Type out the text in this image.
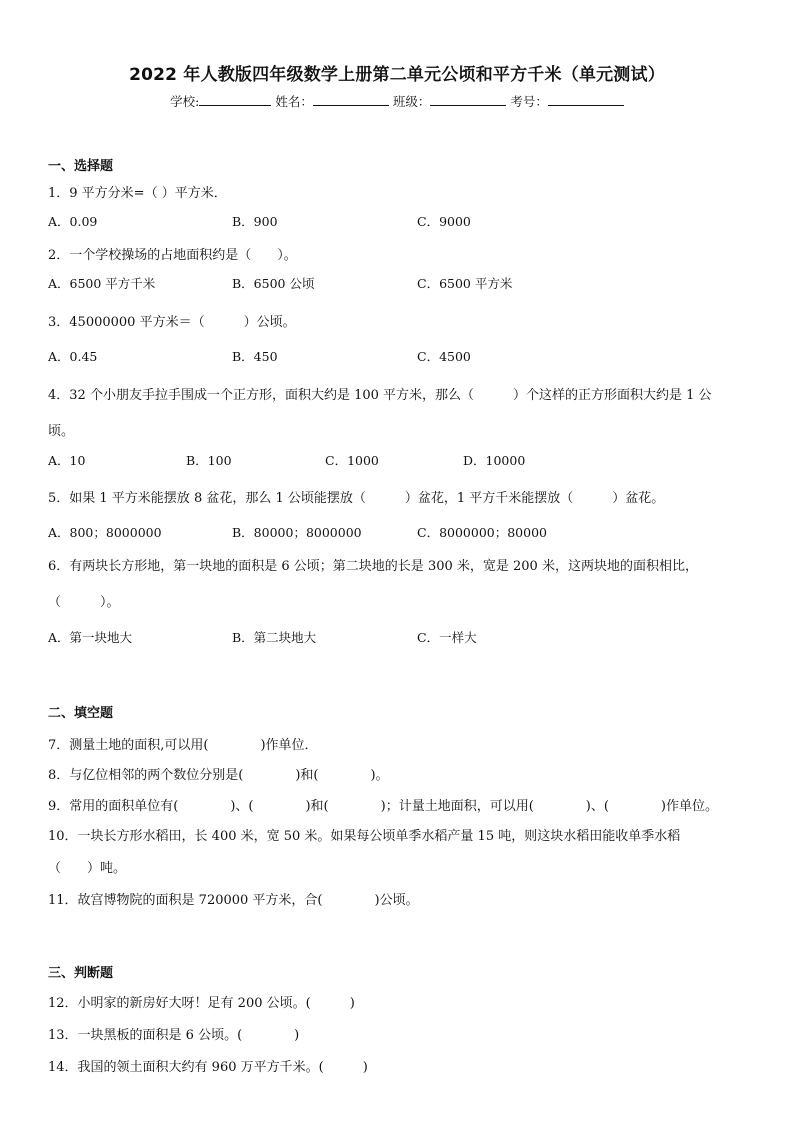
2022 年人教版四年级数学上册第二单元公顷和平方千米（单元测试）
学校:	姓名：	班级：	考号：
一、选择题
1．9 平方分米=（ ）平方米．
A．0.09	B．900	C．9000
2．一个学校操场的占地面积约是（　　）。
A．6500 平方千米	B．6500 公顷	C．6500 平方米
3．45000000 平方米＝（　　　）公顷。
A．0.45	B．450	C．4500
4．32 个小朋友手拉手围成一个正方形，面积大约是 100 平方米，那么（　　　）个这样的正方形面积大约是 1 公
顷。
A．10	B．100	C．1000	D．10000
5．如果 1 平方米能摆放 8 盆花，那么 1 公顷能摆放（　　　）盆花，1 平方千米能摆放（　　　）盆花。
A．800；8000000	B．80000；8000000	C．8000000；80000
6．有两块长方形地，第一块地的面积是 6 公顷；第二块地的长是 300 米，宽是 200 米，这两块地的面积相比，
（　　　）。
A．第一块地大	B．第二块地大	C．一样大
二、填空题
7．测量土地的面积,可以用(　　　　)作单位．
8．与亿位相邻的两个数位分别是(　　　　)和(　　　　)。
9．常用的面积单位有(　　　　)、(　　　　)和(　　　　)；计量土地面积，可以用(　　　　)、(　　　　)作单位。
10．一块长方形水稻田，长 400 米，宽 50 米。如果每公顷单季水稻产量 15 吨，则这块水稻田能收单季水稻
（　　）吨。
11．故宫博物院的面积是 720000 平方米，合(　　　　)公顷。
三、判断题
12．小明家的新房好大呀！足有 200 公顷。(　　　)
13．一块黑板的面积是 6 公顷。(　　　　)
14．我国的领土面积大约有 960 万平方千米。(　　　)
